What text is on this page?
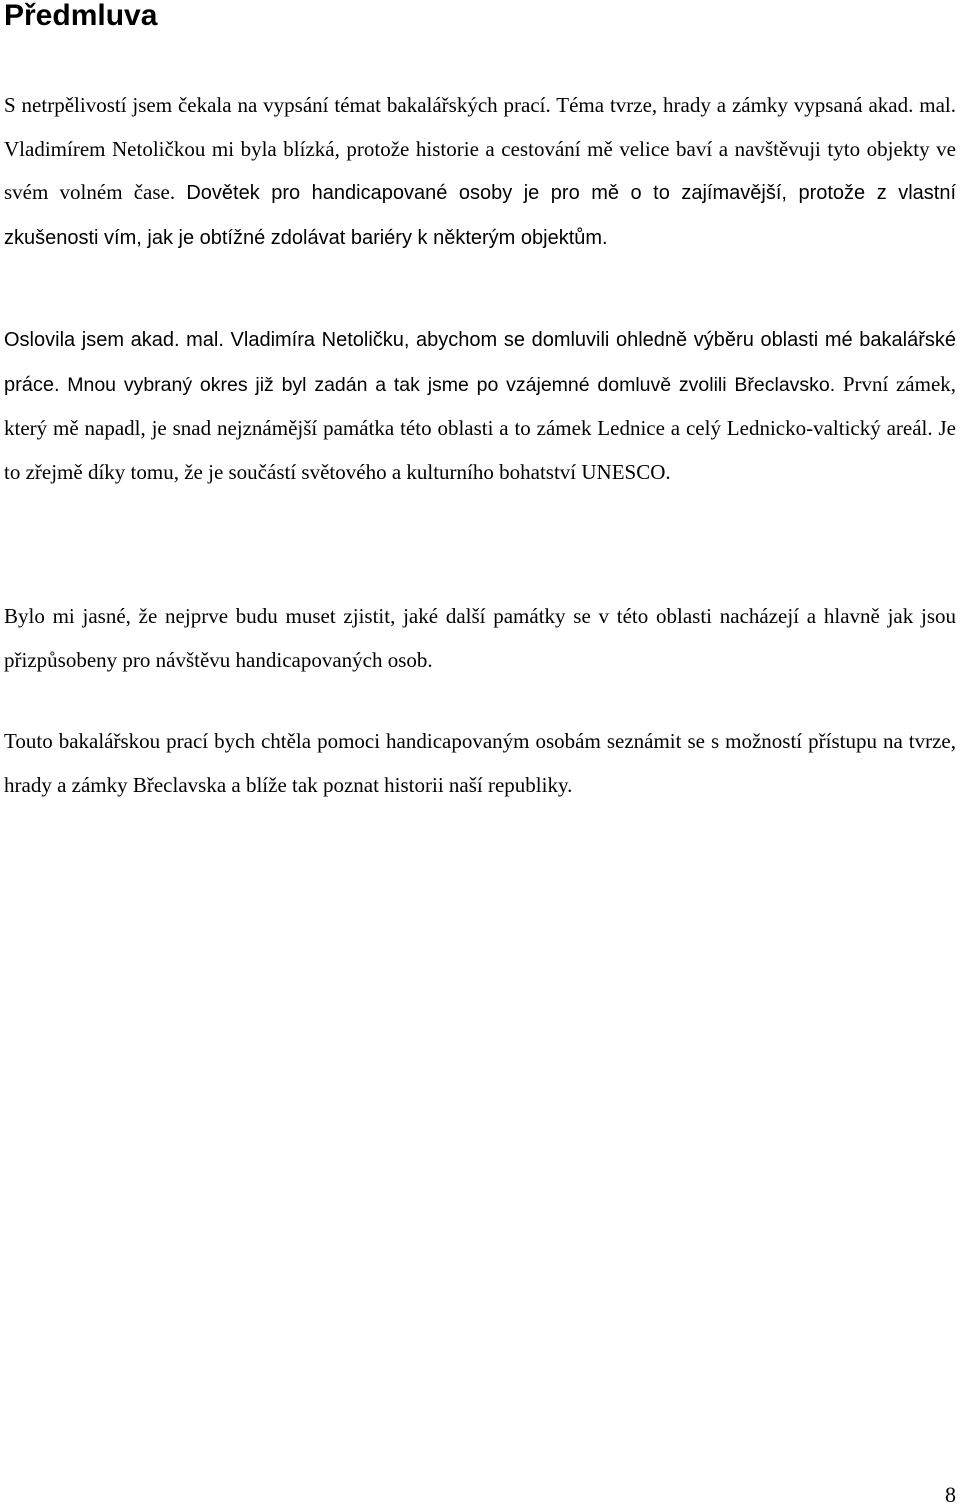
Předmluva

S netrpělivostí jsem čekala na vypsání témat bakalářských prací. Téma tvrze, hrady a zámky vypsaná akad. mal. Vladimírem Netoličkou mi byla blízká, protože historie a cestování mě velice baví a navštěvuji tyto objekty ve svém volném čase. Dovětek pro handicapované osoby je pro mě o to zajímavější, protože z vlastní zkušenosti vím, jak je obtížné zdolávat bariéry k některým objektům.

Oslovila jsem akad. mal. Vladimíra Netoličku, abychom se domluvili ohledně výběru oblasti mé bakalářské práce. Mnou vybraný okres již byl zadán a tak jsme po vzájemné domluvě zvolili Břeclavsko. První zámek, který mě napadl, je snad nejznámější památka této oblasti a to zámek Lednice a celý Lednicko-valtický areál. Je to zřejmě díky tomu, že je součástí světového a kulturního bohatství UNESCO.

Bylo mi jasné, že nejprve budu muset zjistit, jaké další památky se v této oblasti nacházejí a hlavně jak jsou přizpůsobeny pro návštěvu handicapovaných osob.

Touto bakalářskou prací bych chtěla pomoci handicapovaným osobám seznámit se s možností přístupu na tvrze, hrady a zámky Břeclavska a blíže tak poznat historii naší republiky.

8
